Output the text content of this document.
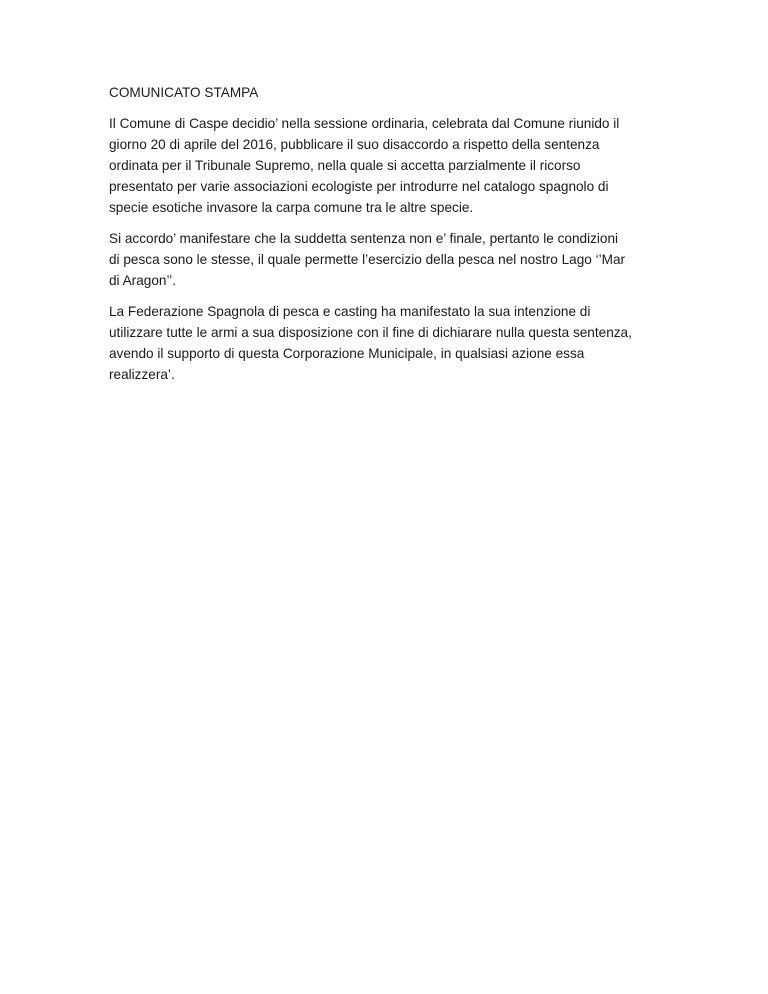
COMUNICATO STAMPA

Il Comune di Caspe decidio’ nella sessione ordinaria, celebrata dal Comune riunido il
giorno 20 di aprile del 2016, pubblicare il suo disaccordo a rispetto della sentenza
ordinata per il Tribunale Supremo, nella quale si accetta parzialmente il ricorso
presentato per varie associazioni ecologiste per introdurre nel catalogo spagnolo di
specie esotiche invasore la carpa comune tra le altre specie.

Si accordo’ manifestare che la suddetta sentenza non e’ finale, pertanto le condizioni
di pesca sono le stesse, il quale permette l’esercizio della pesca nel nostro Lago ‘’Mar
di Aragon’’.

La Federazione Spagnola di pesca e casting ha manifestato la sua intenzione di
utilizzare tutte le armi a sua disposizione con il fine di dichiarare nulla questa sentenza,
avendo il supporto di questa Corporazione Municipale, in qualsiasi azione essa
realizzera’.
